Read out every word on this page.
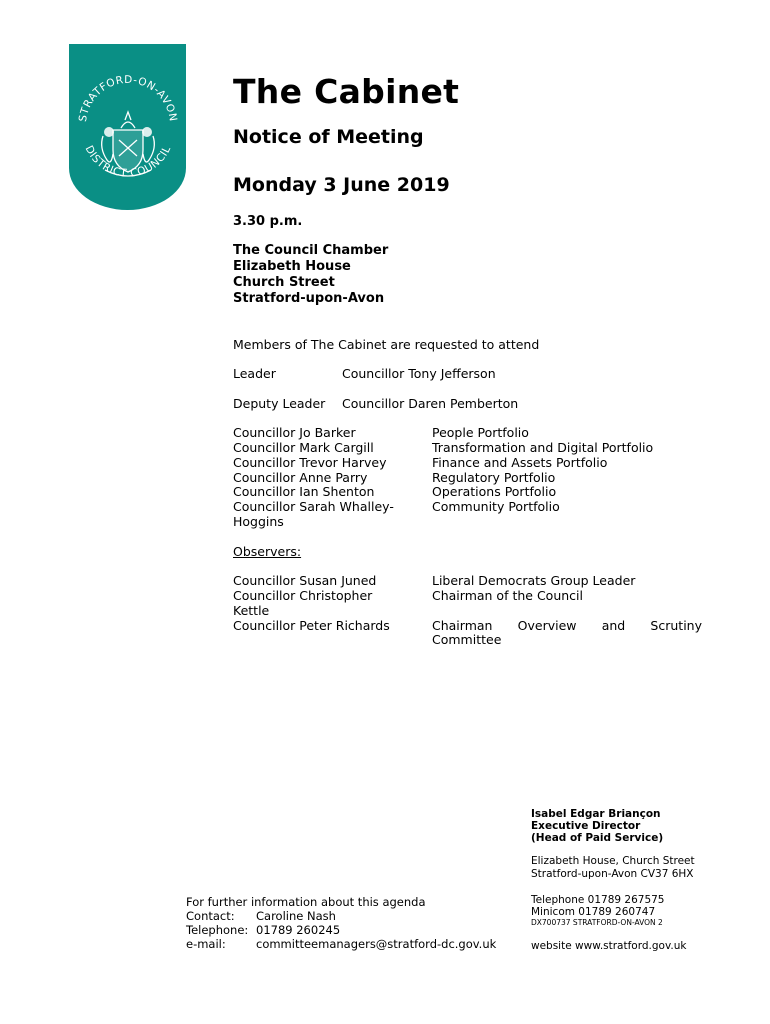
STRATFORD-ON-AVON
DISTRICT COUNCIL
The Cabinet
Notice of Meeting
Monday 3 June 2019
3.30 p.m.
The Council Chamber
Elizabeth House
Church Street
Stratford-upon-Avon
Members of The Cabinet are requested to attend
Leader	Councillor Tony Jefferson
Deputy Leader Councillor Daren Pemberton
Councillor Jo Barker	People Portfolio
Councillor Mark Cargill	Transformation and Digital Portfolio
Councillor Trevor Harvey	Finance and Assets Portfolio
Councillor Anne Parry	Regulatory Portfolio
Councillor Ian Shenton	Operations Portfolio
Councillor Sarah Whalley-	Community Portfolio
Hoggins
Observers:
Councillor Susan Juned	Liberal Democrats Group Leader
Councillor Christopher	Chairman of the Council
Kettle
Councillor Peter Richards	Chairman Overview and Scrutiny
Committee
Isabel Edgar Briançon
Executive Director
(Head of Paid Service)
Elizabeth House, Church Street
Stratford-upon-Avon CV37 6HX
Telephone 01789 267575
Minicom 01789 260747
DX700737 STRATFORD-ON-AVON 2
website www.stratford.gov.uk
For further information about this agenda
Contact: Caroline Nash
Telephone: 01789 260245
e-mail:	committeemanagers@stratford-dc.gov.uk
